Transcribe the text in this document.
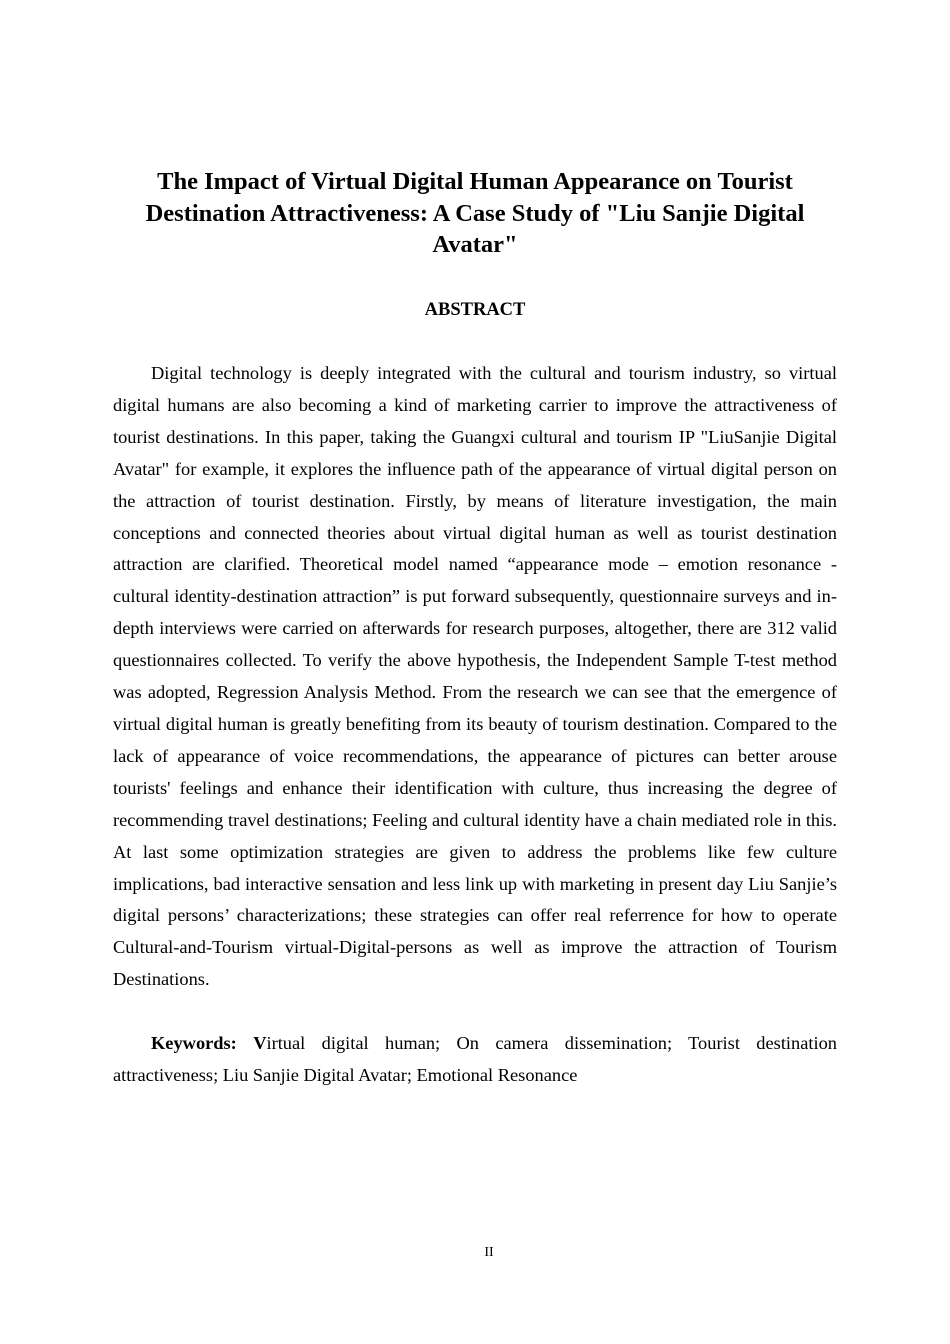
The Impact of Virtual Digital Human Appearance on Tourist Destination Attractiveness: A Case Study of "Liu Sanjie Digital Avatar"
ABSTRACT

Digital technology is deeply integrated with the cultural and tourism industry, so virtual digital humans are also becoming a kind of marketing carrier to improve the attractiveness of tourist destinations. In this paper, taking the Guangxi cultural and tourism IP "LiuSanjie Digital Avatar" for example, it explores the influence path of the appearance of virtual digital person on the attraction of tourist destination. Firstly, by means of literature investigation, the main conceptions and connected theories about virtual digital human as well as tourist destination attraction are clarified. Theoretical model named “appearance mode – emotion resonance - cultural identity-destination attraction” is put forward subsequently, questionnaire surveys and in-depth interviews were carried on afterwards for research purposes, altogether, there are 312 valid questionnaires collected. To verify the above hypothesis, the Independent Sample T-test method was adopted, Regression Analysis Method. From the research we can see that the emergence of virtual digital human is greatly benefiting from its beauty of tourism destination. Compared to the lack of appearance of voice recommendations, the appearance of pictures can better arouse tourists' feelings and enhance their identification with culture, thus increasing the degree of recommending travel destinations; Feeling and cultural identity have a chain mediated role in this. At last some optimization strategies are given to address the problems like few culture implications, bad interactive sensation and less link up with marketing in present day Liu Sanjie’s digital persons’ characterizations; these strategies can offer real referrence for how to operate Cultural-and-Tourism virtual-Digital-persons as well as improve the attraction of Tourism Destinations.

Keywords: Virtual digital human; On camera dissemination; Tourist destination attractiveness; Liu Sanjie Digital Avatar; Emotional Resonance

II
